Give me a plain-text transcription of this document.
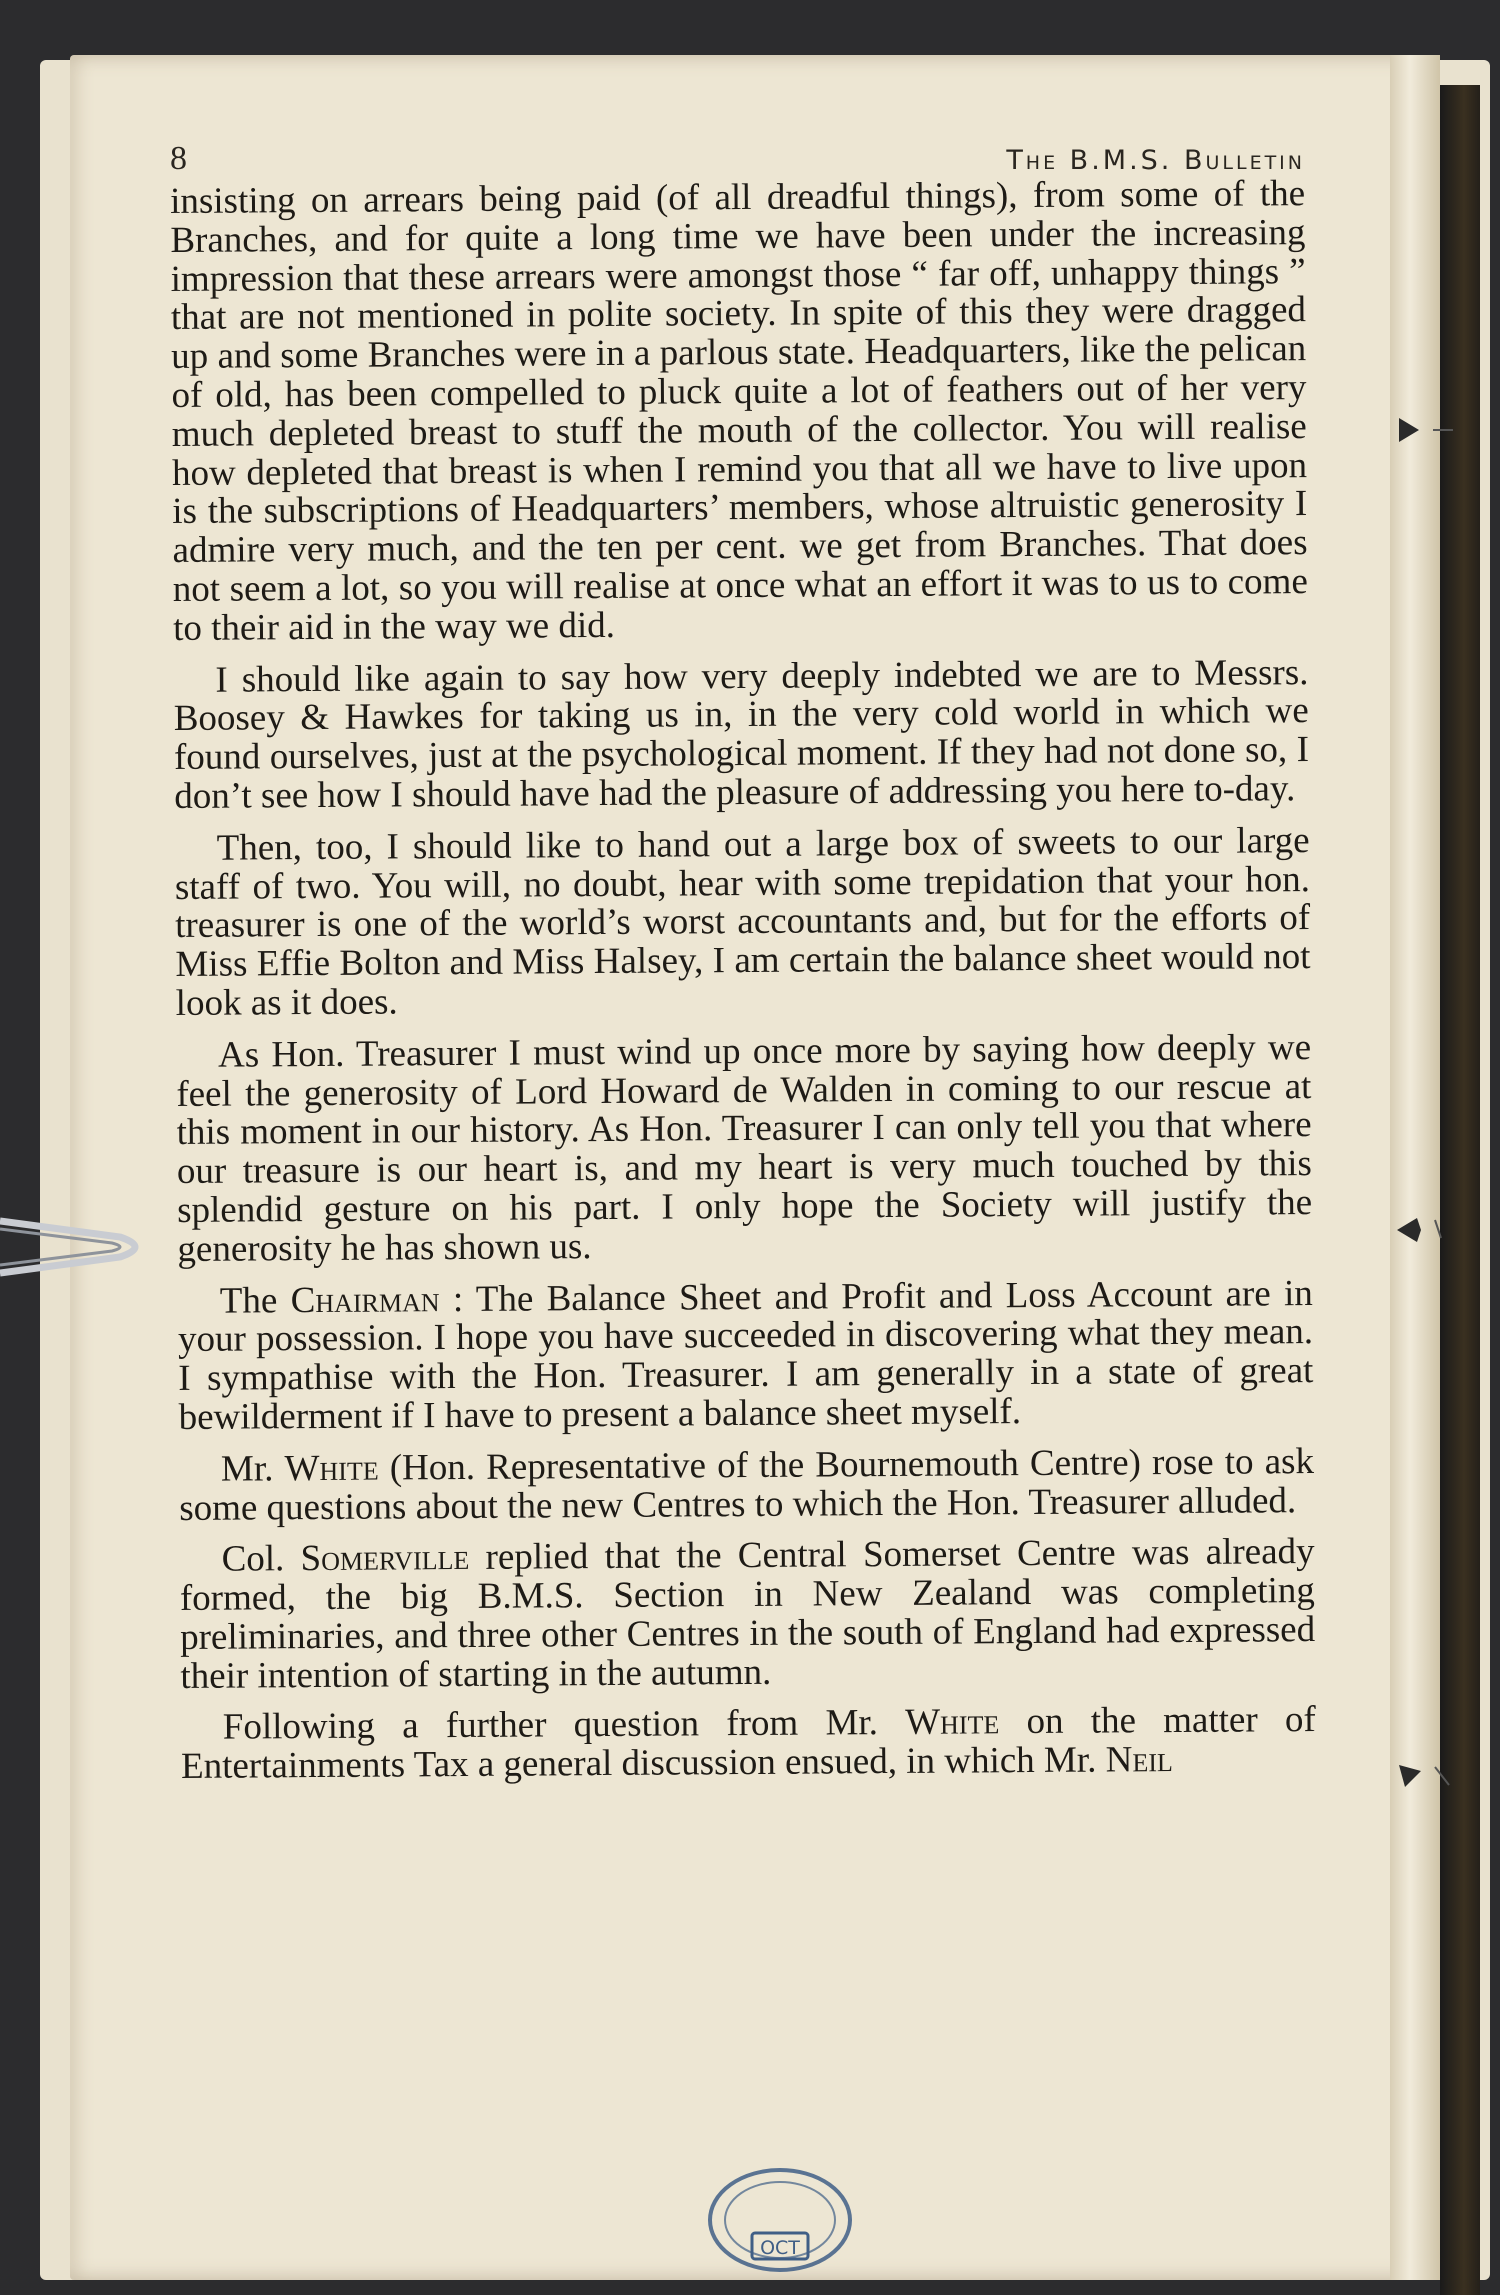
8	The B.M.S. Bulletin

insisting on arrears being paid (of all dreadful things), from some of the Branches, and for quite a long time we have been under the increasing impression that these arrears were amongst those “ far off, unhappy things ” that are not mentioned in polite society. In spite of this they were dragged up and some Branches were in a parlous state. Headquarters, like the pelican of old, has been compelled to pluck quite a lot of feathers out of her very much depleted breast to stuff the mouth of the collector. You will realise how depleted that breast is when I remind you that all we have to live upon is the subscriptions of Headquarters’ members, whose altruistic generosity I admire very much, and the ten per cent. we get from Branches. That does not seem a lot, so you will realise at once what an effort it was to us to come to their aid in the way we did.

I should like again to say how very deeply indebted we are to Messrs. Boosey & Hawkes for taking us in, in the very cold world in which we found ourselves, just at the psychological moment. If they had not done so, I don’t see how I should have had the pleasure of addressing you here to-day.

Then, too, I should like to hand out a large box of sweets to our large staff of two. You will, no doubt, hear with some trepidation that your hon. treasurer is one of the world’s worst accountants and, but for the efforts of Miss Effie Bolton and Miss Halsey, I am certain the balance sheet would not look as it does.

As Hon. Treasurer I must wind up once more by saying how deeply we feel the generosity of Lord Howard de Walden in coming to our rescue at this moment in our history. As Hon. Treasurer I can only tell you that where our treasure is our heart is, and my heart is very much touched by this splendid gesture on his part. I only hope the Society will justify the generosity he has shown us.

The Chairman : The Balance Sheet and Profit and Loss Account are in your possession. I hope you have succeeded in discovering what they mean. I sympathise with the Hon. Treasurer. I am generally in a state of great bewilderment if I have to present a balance sheet myself.

Mr. White (Hon. Representative of the Bournemouth Centre) rose to ask some questions about the new Centres to which the Hon. Treasurer alluded.

Col. Somerville replied that the Central Somerset Centre was already formed, the big B.M.S. Section in New Zealand was completing preliminaries, and three other Centres in the south of England had expressed their intention of starting in the autumn.

Following a further question from Mr. White on the matter of Entertainments Tax a general discussion ensued, in which Mr. Neil

OCT
